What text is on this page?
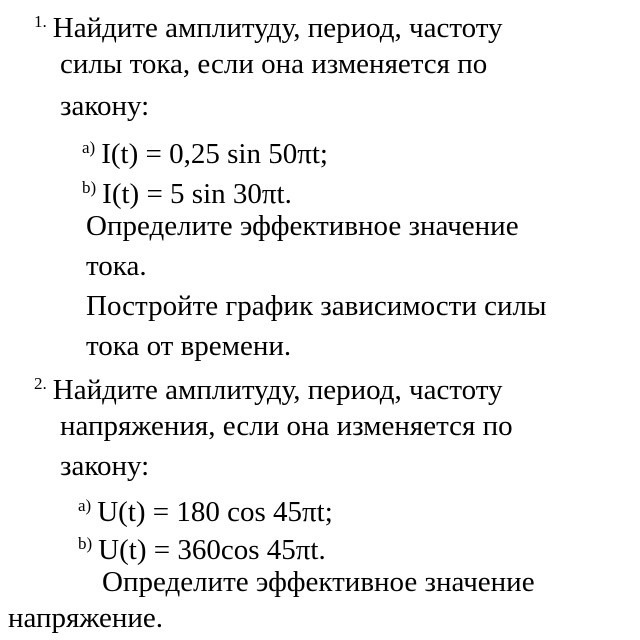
$^{1.}$ Найдите амплитуду, период, частоту
силы тока, если она изменяется по
закону:
$^{a)}$ I(t) = 0,25 sin 50πt;
$^{b)}$ I(t) = 5 sin 30πt.
Определите эффективное значение
тока.
Постройте график зависимости силы
тока от времени.
$^{2.}$ Найдите амплитуду, период, частоту
напряжения, если она изменяется по
закону:
$^{a)}$ U(t) = 180 cos 45πt;
$^{b)}$ U(t) = 360cos 45πt.
Определите эффективное значение
напряжение.
